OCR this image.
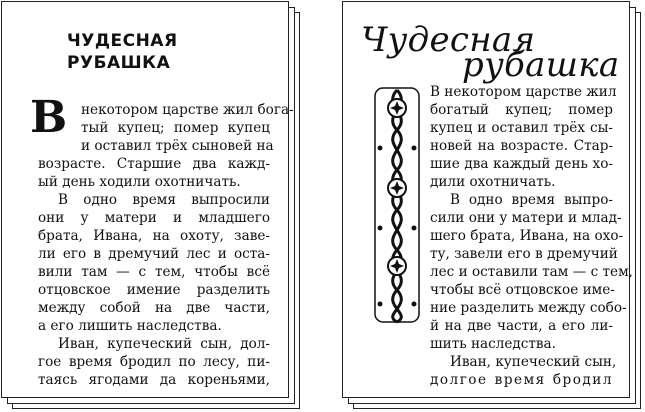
ЧУДЕСНАЯ
РУБАШКА
В некотором царстве жил бога-
тый купец; помер купец
и оставил трёх сыновей на
возрасте. Старшие два кажд-
ый день ходили охотничать.
В одно время выпросили
они у матери и младшего
брата, Ивана, на охоту, заве-
ли его в дремучий лес и оста-
вили там — с тем, чтобы всё
отцовское имение разделить
между собой на две части,
а его лишить наследства.
Иван, купеческий сын, дол-
гое время бродил по лесу, пи-
таясь ягодами да кореньями,
Чудесная
рубашка
В некотором царстве жил
богатый купец; помер
купец и оставил трёх сы-
новей на возрасте. Стар-
шие два каждый день хо-
дили охотничать.
В одно время выпро-
сили они у матери и млад-
шего брата, Ивана, на охо-
ту, завели его в дремучий
лес и оставили там — с тем,
чтобы всё отцовское име-
ние разделить между собо-
й на две части, а его ли-
шить наследства.
Иван, купеческий сын,
долгое время бродил
